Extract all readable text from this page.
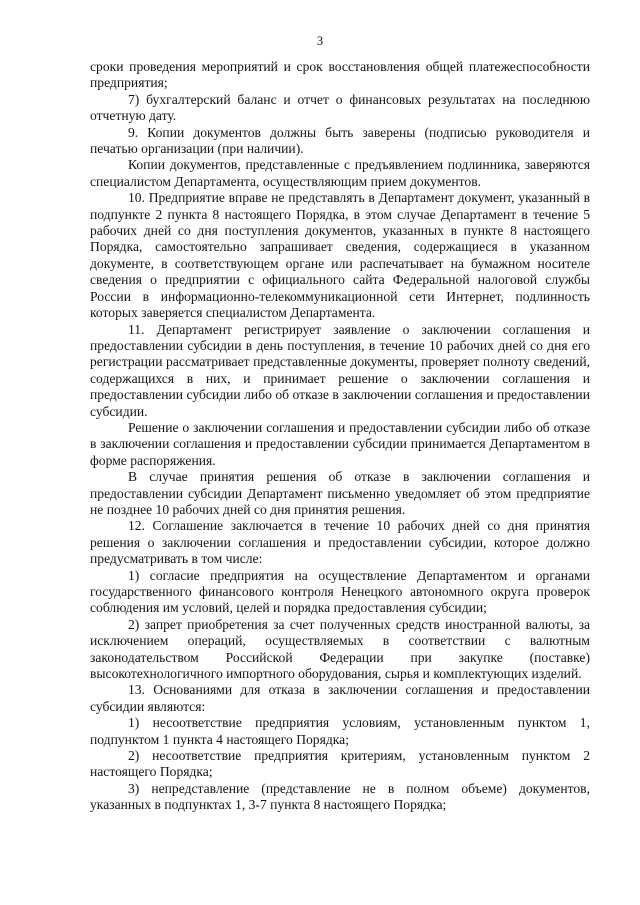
3

сроки проведения мероприятий и срок восстановления общей платежеспособности предприятия;

7) бухгалтерский баланс и отчет о финансовых результатах на последнюю отчетную дату.

9. Копии документов должны быть заверены (подписью руководителя и печатью организации (при наличии).

Копии документов, представленные с предъявлением подлинника, заверяются специалистом Департамента, осуществляющим прием документов.

10. Предприятие вправе не представлять в Департамент документ, указанный в подпункте 2 пункта 8 настоящего Порядка, в этом случае Департамент в течение 5 рабочих дней со дня поступления документов, указанных в пункте 8 настоящего Порядка, самостоятельно запрашивает сведения, содержащиеся в указанном документе, в соответствующем органе или распечатывает на бумажном носителе сведения о предприятии с официального сайта Федеральной налоговой службы России в информационно-телекоммуникационной сети Интернет, подлинность которых заверяется специалистом Департамента.

11. Департамент регистрирует заявление о заключении соглашения и предоставлении субсидии в день поступления, в течение 10 рабочих дней со дня его регистрации рассматривает представленные документы, проверяет полноту сведений, содержащихся в них, и принимает решение о заключении соглашения и предоставлении субсидии либо об отказе в заключении соглашения и предоставлении субсидии.

Решение о заключении соглашения и предоставлении субсидии либо об отказе в заключении соглашения и предоставлении субсидии принимается Департаментом в форме распоряжения.

В случае принятия решения об отказе в заключении соглашения и предоставлении субсидии Департамент письменно уведомляет об этом предприятие не позднее 10 рабочих дней со дня принятия решения.

12. Соглашение заключается в течение 10 рабочих дней со дня принятия решения о заключении соглашения и предоставлении субсидии, которое должно предусматривать в том числе:

1) согласие предприятия на осуществление Департаментом и органами государственного финансового контроля Ненецкого автономного округа проверок соблюдения им условий, целей и порядка предоставления субсидии;

2) запрет приобретения за счет полученных средств иностранной валюты, за исключением операций, осуществляемых в соответствии с валютным законодательством Российской Федерации при закупке (поставке) высокотехнологичного импортного оборудования, сырья и комплектующих изделий.

13. Основаниями для отказа в заключении соглашения и предоставлении субсидии являются:

1) несоответствие предприятия условиям, установленным пунктом 1, подпунктом 1 пункта 4 настоящего Порядка;

2) несоответствие предприятия критериям, установленным пунктом 2 настоящего Порядка;

3) непредставление (представление не в полном объеме) документов, указанных в подпунктах 1, 3-7 пункта 8 настоящего Порядка;
